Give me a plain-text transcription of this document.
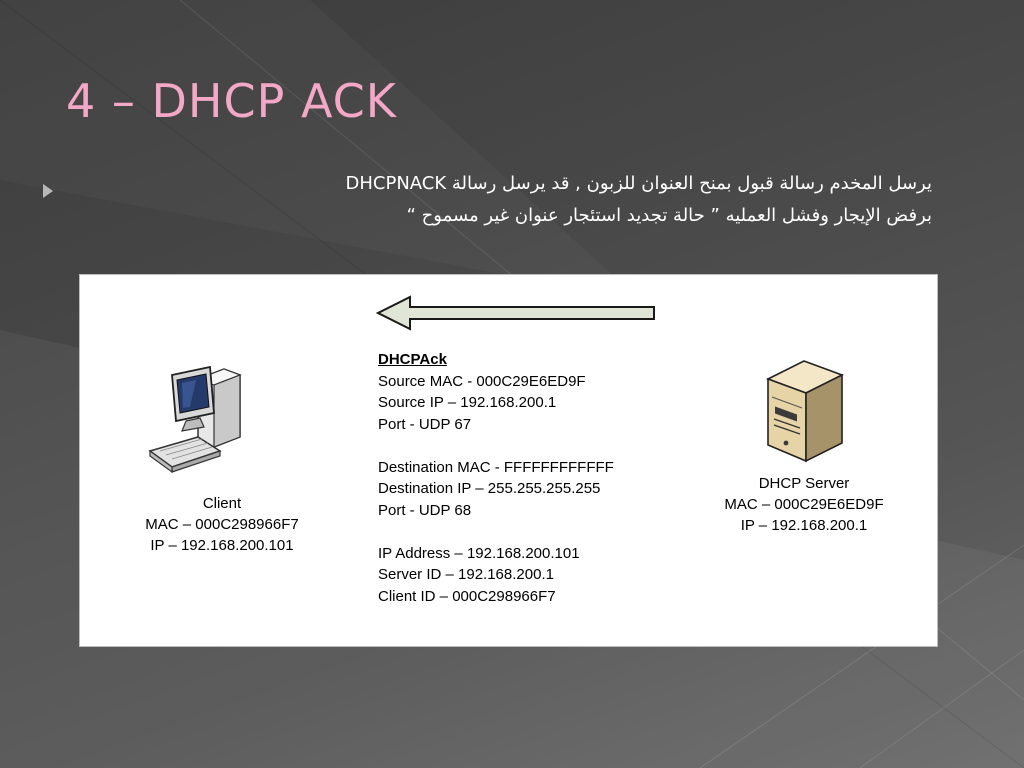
4 – DHCP ACK

يرسل المخدم رسالة قبول بمنح العنوان للزبون , قد يرسل رسالة DHCPNACK

برفض الإيجار وفشل العمليه ” حالة تجديد استئجار عنوان غير مسموح “

DHCPAck
Source MAC - 000C29E6ED9F
Source IP – 192.168.200.1
Port - UDP 67
Destination MAC - FFFFFFFFFFFF
Destination IP – 255.255.255.255
Port - UDP 68
IP Address – 192.168.200.101
Server ID – 192.168.200.1
Client ID – 000C298966F7
Client
MAC – 000C298966F7
IP – 192.168.200.101
DHCP Server
MAC – 000C29E6ED9F
IP – 192.168.200.1
